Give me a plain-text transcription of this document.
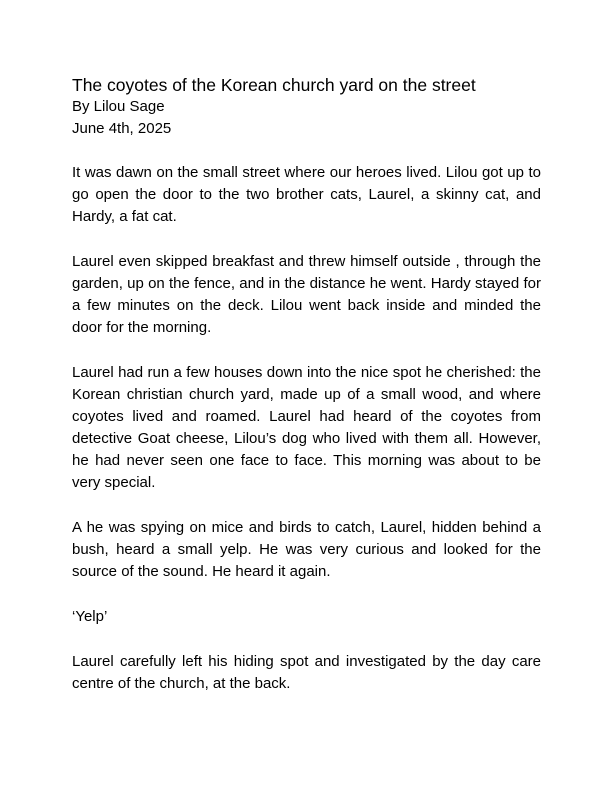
The coyotes of the Korean church yard on the street

By Lilou Sage

June 4th, 2025

It was dawn on the small street where our heroes lived. Lilou got up to go open the door to the two brother cats, Laurel, a skinny cat, and Hardy, a fat cat.

Laurel even skipped breakfast and threw himself outside , through the garden, up on the fence, and in the distance he went. Hardy stayed for a few minutes on the deck. Lilou went back inside and minded the door for the morning.

Laurel had run a few houses down into the nice spot he cherished: the Korean christian church yard, made up of a small wood, and where coyotes lived and roamed. Laurel had heard of the coyotes from detective Goat cheese, Lilou’s dog who lived with them all. However, he had never seen one face to face. This morning was about to be very special.

A he was spying on mice and birds to catch, Laurel, hidden behind a bush, heard a small yelp. He was very curious and looked for the source of the sound. He heard it again.

‘Yelp’

Laurel carefully left his hiding spot and investigated by the day care centre of the church, at the back.
